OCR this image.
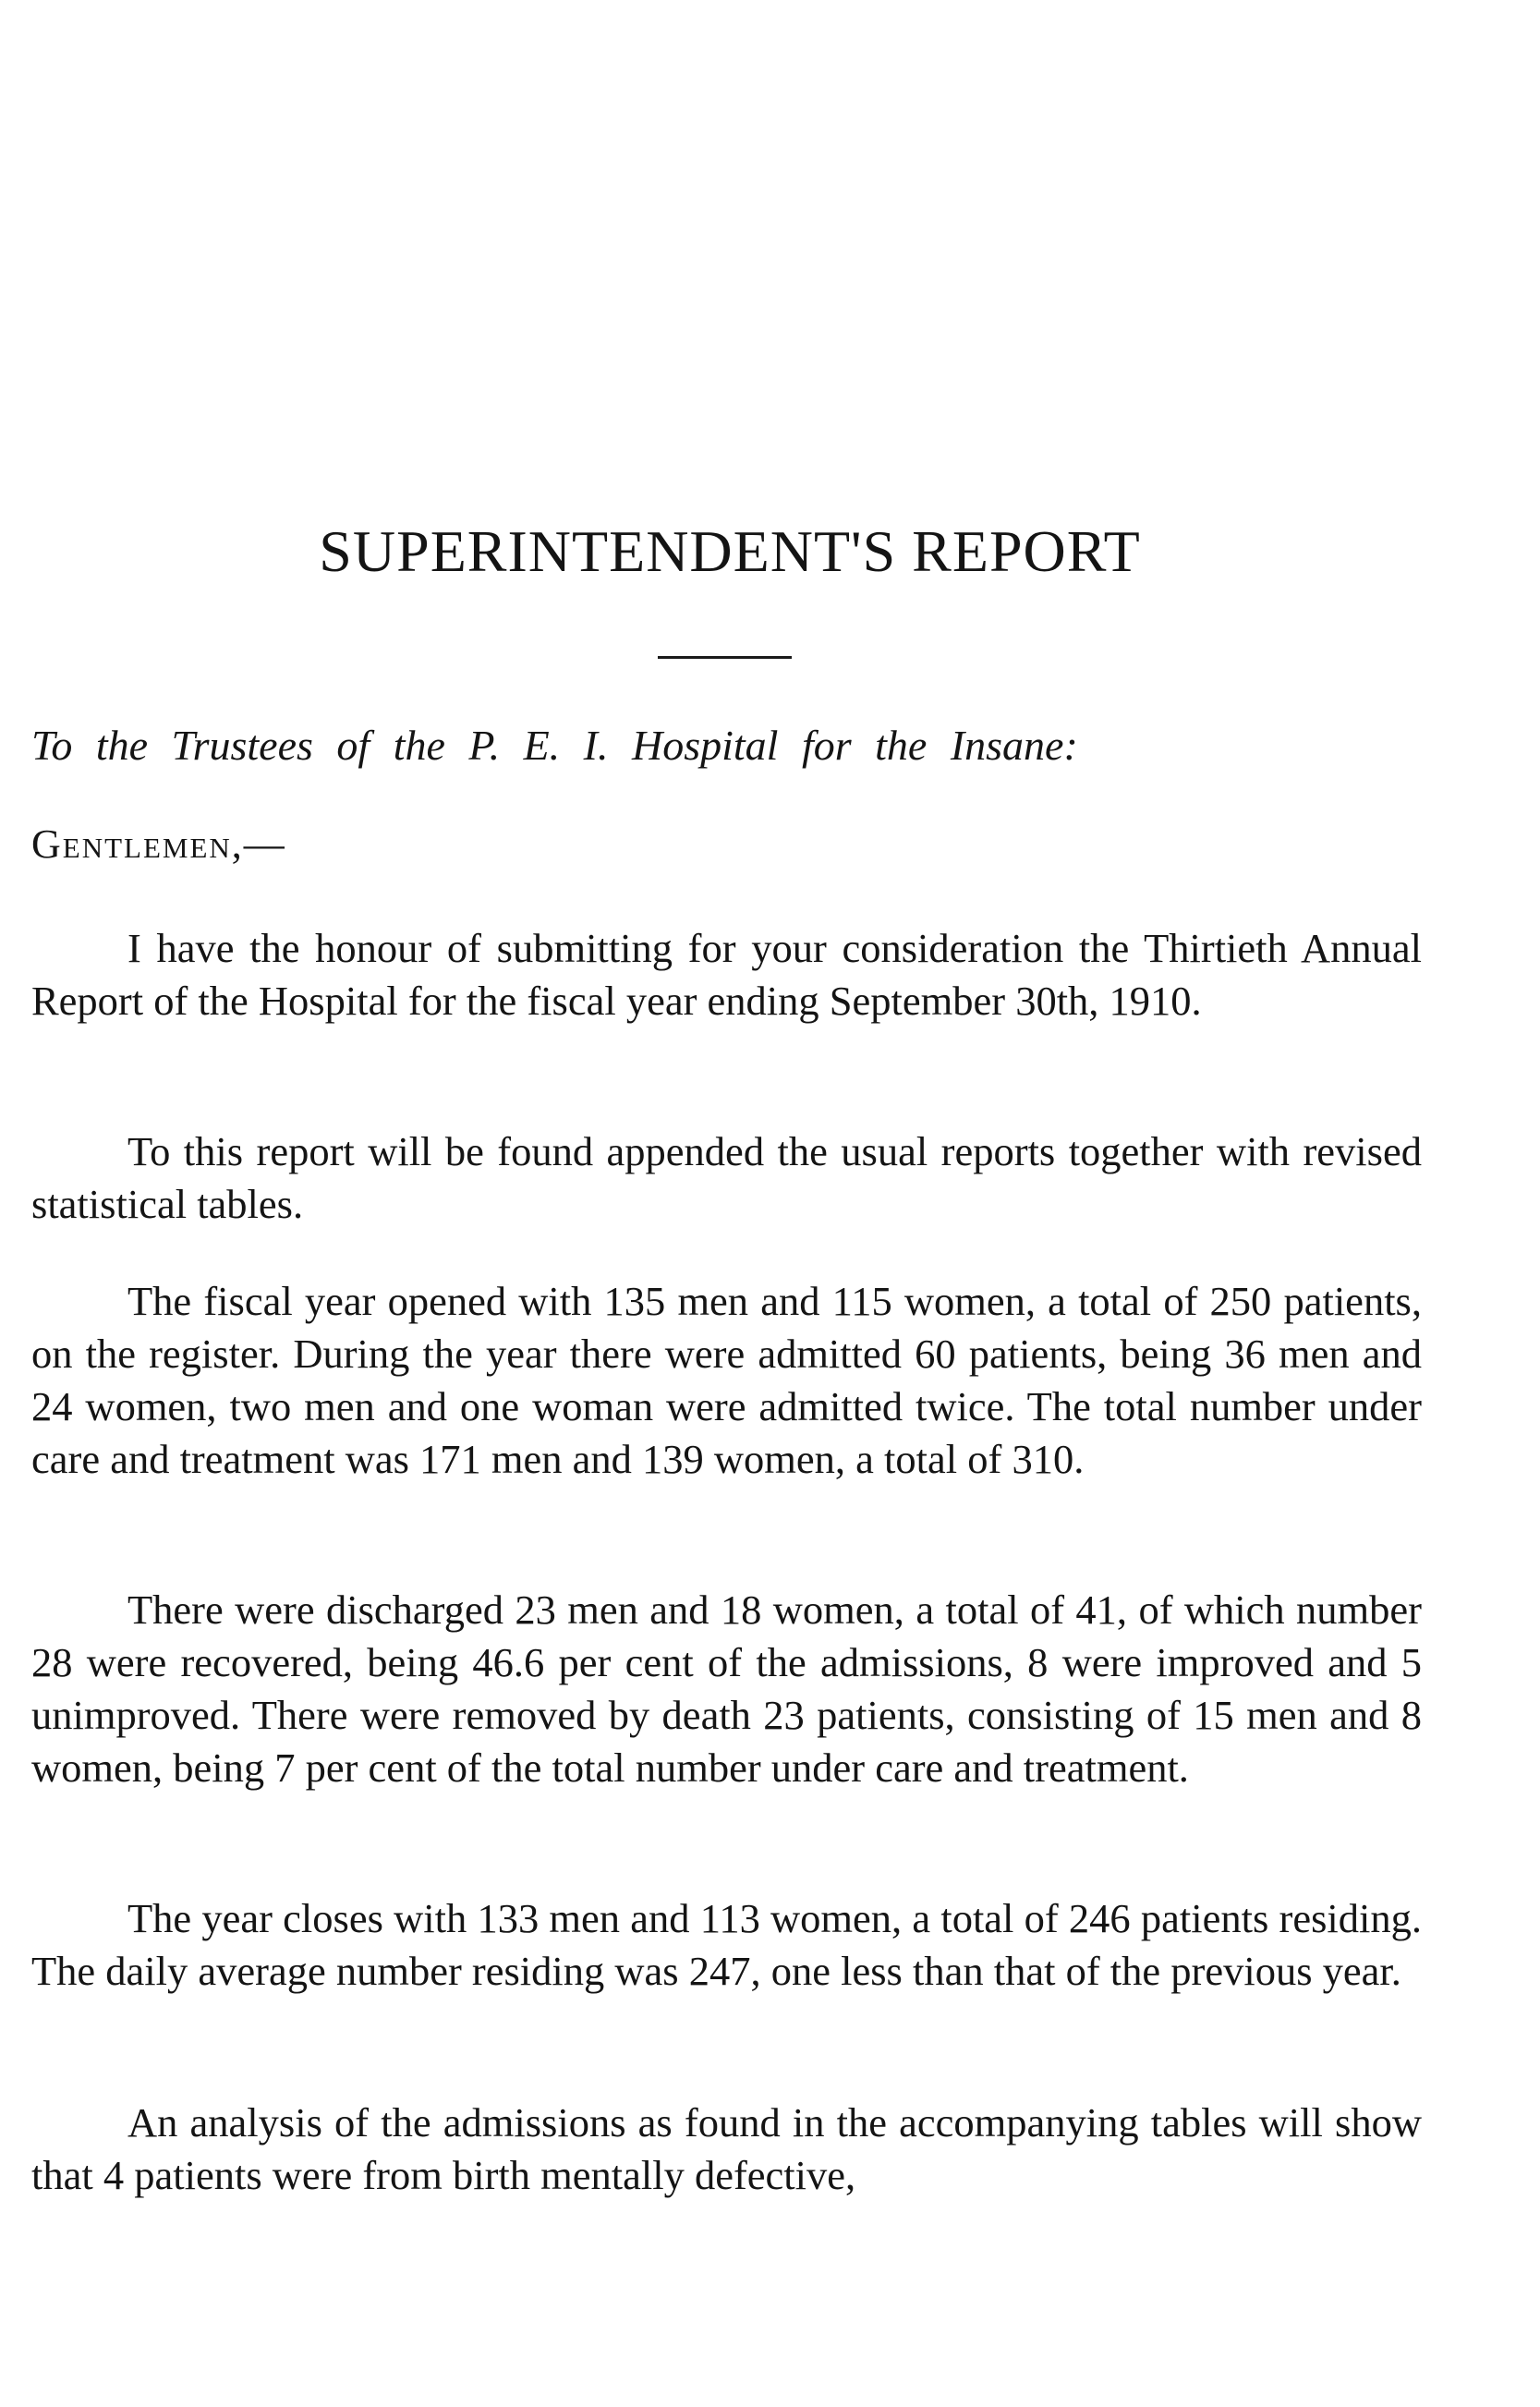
SUPERINTENDENT'S REPORT

To the Trustees of the P. E. I. Hospital for the Insane:

Gentlemen,—

I have the honour of submitting for your consideration the Thirtieth Annual Report of the Hospital for the fiscal year ending September 30th, 1910.

To this report will be found appended the usual reports together with revised statistical tables.

The fiscal year opened with 135 men and 115 women, a total of 250 patients, on the register. During the year there were admitted 60 patients, being 36 men and 24 women, two men and one woman were admitted twice. The total number under care and treatment was 171 men and 139 women, a total of 310.

There were discharged 23 men and 18 women, a total of 41, of which number 28 were recovered, being 46.6 per cent of the admissions, 8 were improved and 5 unimproved. There were removed by death 23 patients, consisting of 15 men and 8 women, being 7 per cent of the total number under care and treatment.

The year closes with 133 men and 113 women, a total of 246 patients residing. The daily average number residing was 247, one less than that of the previous year.

An analysis of the admissions as found in the accompanying tables will show that 4 patients were from birth mentally defective,
